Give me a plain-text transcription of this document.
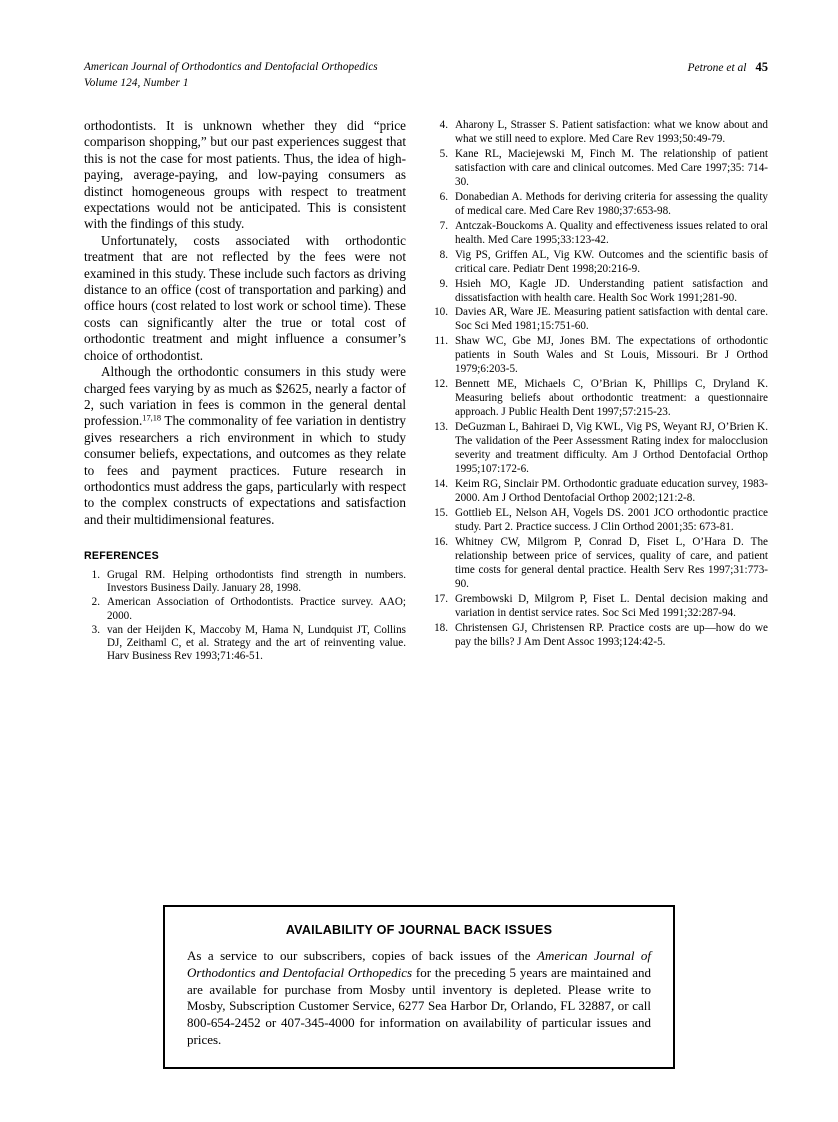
American Journal of Orthodontics and Dentofacial Orthopedics
Volume 124, Number 1
Petrone et al 45

orthodontists. It is unknown whether they did “price comparison shopping,” but our past experiences suggest that this is not the case for most patients. Thus, the idea of high-paying, average-paying, and low-paying consumers as distinct homogeneous groups with respect to treatment expectations would not be anticipated. This is consistent with the findings of this study.

Unfortunately, costs associated with orthodontic treatment that are not reflected by the fees were not examined in this study. These include such factors as driving distance to an office (cost of transportation and parking) and office hours (cost related to lost work or school time). These costs can significantly alter the true or total cost of orthodontic treatment and might influence a consumer’s choice of orthodontist.

Although the orthodontic consumers in this study were charged fees varying by as much as $2625, nearly a factor of 2, such variation in fees is common in the general dental profession.$^{17,18}$ The commonality of fee variation in dentistry gives researchers a rich environment in which to study consumer beliefs, expectations, and outcomes as they relate to fees and payment practices. Future research in orthodontics must address the gaps, particularly with respect to the complex constructs of expectations and satisfaction and their multidimensional features.

REFERENCES
1. Grugal RM. Helping orthodontists find strength in numbers. Investors Business Daily. January 28, 1998.
2. American Association of Orthodontists. Practice survey. AAO; 2000.
3. van der Heijden K, Maccoby M, Hama N, Lundquist JT, Collins DJ, Zeithaml C, et al. Strategy and the art of reinventing value. Harv Business Rev 1993;71:46-51.
4. Aharony L, Strasser S. Patient satisfaction: what we know about and what we still need to explore. Med Care Rev 1993;50:49-79.
5. Kane RL, Maciejewski M, Finch M. The relationship of patient satisfaction with care and clinical outcomes. Med Care 1997;35: 714-30.
6. Donabedian A. Methods for deriving criteria for assessing the quality of medical care. Med Care Rev 1980;37:653-98.
7. Antczak-Bouckoms A. Quality and effectiveness issues related to oral health. Med Care 1995;33:123-42.
8. Vig PS, Griffen AL, Vig KW. Outcomes and the scientific basis of critical care. Pediatr Dent 1998;20:216-9.
9. Hsieh MO, Kagle JD. Understanding patient satisfaction and dissatisfaction with health care. Health Soc Work 1991;281-90.
10. Davies AR, Ware JE. Measuring patient satisfaction with dental care. Soc Sci Med 1981;15:751-60.
11. Shaw WC, Gbe MJ, Jones BM. The expectations of orthodontic patients in South Wales and St Louis, Missouri. Br J Orthod 1979;6:203-5.
12. Bennett ME, Michaels C, O’Brian K, Phillips C, Dryland K. Measuring beliefs about orthodontic treatment: a questionnaire approach. J Public Health Dent 1997;57:215-23.
13. DeGuzman L, Bahiraei D, Vig KWL, Vig PS, Weyant RJ, O’Brien K. The validation of the Peer Assessment Rating index for malocclusion severity and treatment difficulty. Am J Orthod Dentofacial Orthop 1995;107:172-6.
14. Keim RG, Sinclair PM. Orthodontic graduate education survey, 1983-2000. Am J Orthod Dentofacial Orthop 2002;121:2-8.
15. Gottlieb EL, Nelson AH, Vogels DS. 2001 JCO orthodontic practice study. Part 2. Practice success. J Clin Orthod 2001;35: 673-81.
16. Whitney CW, Milgrom P, Conrad D, Fiset L, O’Hara D. The relationship between price of services, quality of care, and patient time costs for general dental practice. Health Serv Res 1997;31:773-90.
17. Grembowski D, Milgrom P, Fiset L. Dental decision making and variation in dentist service rates. Soc Sci Med 1991;32:287-94.
18. Christensen GJ, Christensen RP. Practice costs are up—how do we pay the bills? J Am Dent Assoc 1993;124:42-5.
AVAILABILITY OF JOURNAL BACK ISSUES
As a service to our subscribers, copies of back issues of the American Journal of Orthodontics and Dentofacial Orthopedics for the preceding 5 years are maintained and are available for purchase from Mosby until inventory is depleted. Please write to Mosby, Subscription Customer Service, 6277 Sea Harbor Dr, Orlando, FL 32887, or call 800-654-2452 or 407-345-4000 for information on availability of particular issues and prices.
